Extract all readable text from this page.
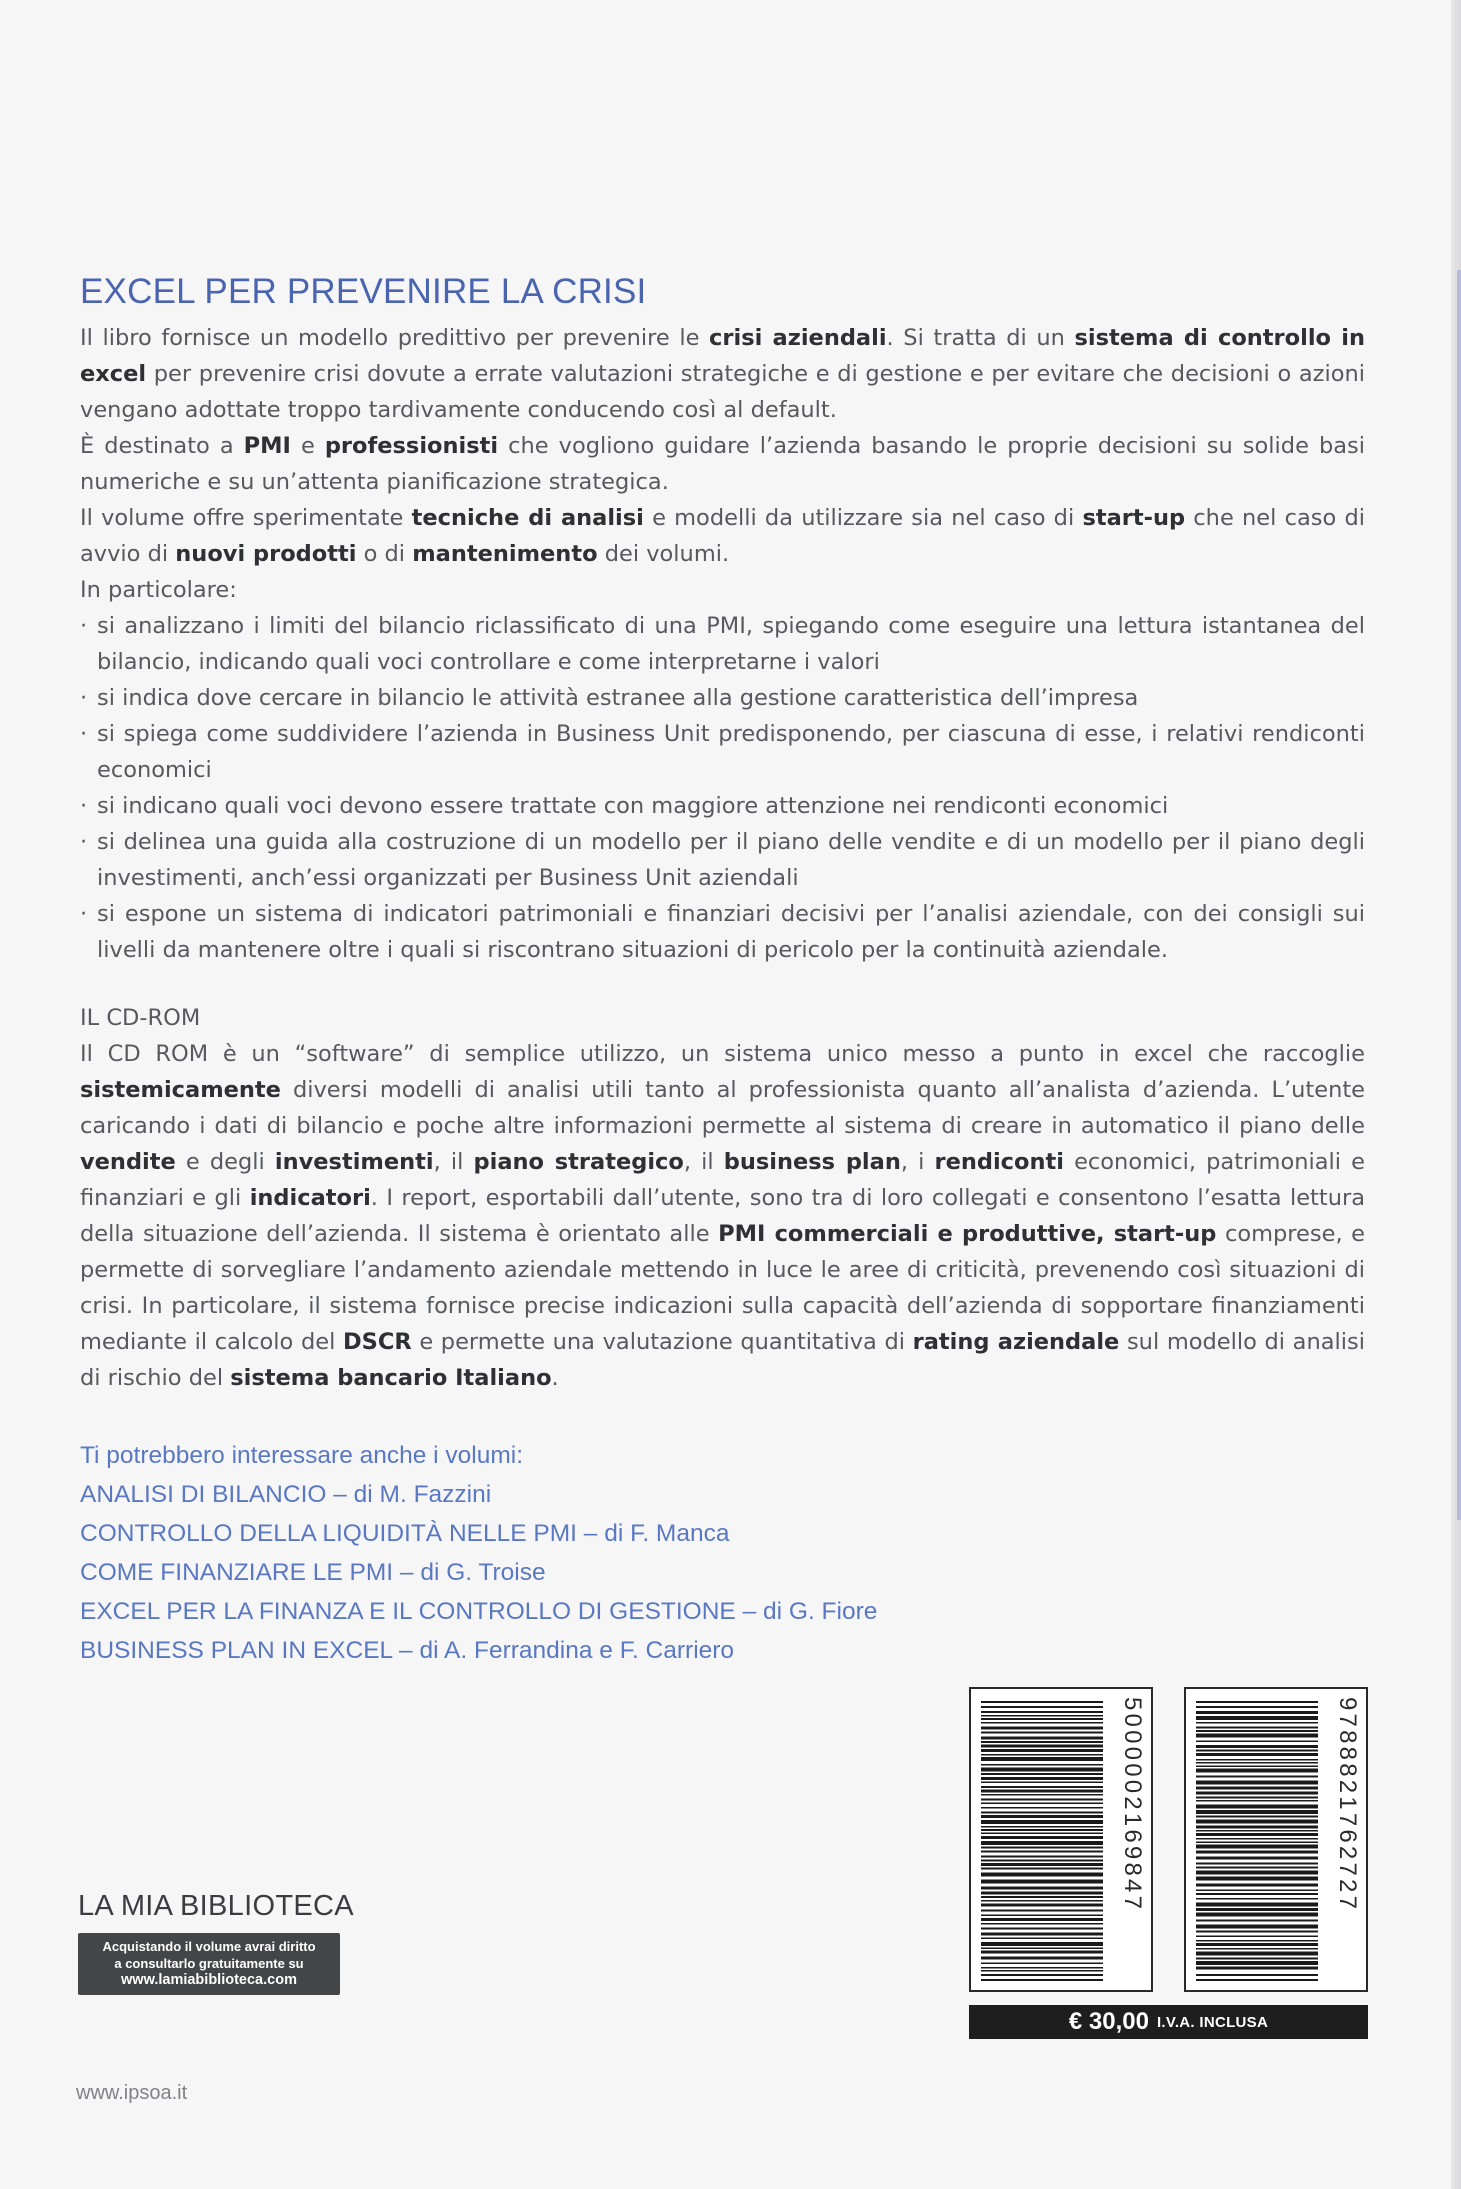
EXCEL PER PREVENIRE LA CRISI

Il libro fornisce un modello predittivo per prevenire le crisi aziendali. Si tratta di un sistema di controllo in excel per prevenire crisi dovute a errate valutazioni strategiche e di gestione e per evitare che decisioni o azioni vengano adottate troppo tardivamente conducendo così al default.

È destinato a PMI e professionisti che vogliono guidare l’azienda basando le proprie decisioni su solide basi numeriche e su un’attenta pianificazione strategica.

Il volume offre sperimentate tecniche di analisi e modelli da utilizzare sia nel caso di start-up che nel caso di avvio di nuovi prodotti o di mantenimento dei volumi.

In particolare:

· si analizzano i limiti del bilancio riclassificato di una PMI, spiegando come eseguire una lettura istantanea del bilancio, indicando quali voci controllare e come interpretarne i valori
· si indica dove cercare in bilancio le attività estranee alla gestione caratteristica dell’impresa
· si spiega come suddividere l’azienda in Business Unit predisponendo, per ciascuna di esse, i relativi rendiconti economici
· si indicano quali voci devono essere trattate con maggiore attenzione nei rendiconti economici
· si delinea una guida alla costruzione di un modello per il piano delle vendite e di un modello per il piano degli investimenti, anch’essi organizzati per Business Unit aziendali
· si espone un sistema di indicatori patrimoniali e finanziari decisivi per l’analisi aziendale, con dei consigli sui livelli da mantenere oltre i quali si riscontrano situazioni di pericolo per la continuità aziendale.
IL CD-ROM

Il CD ROM è un “software” di semplice utilizzo, un sistema unico messo a punto in excel che raccoglie sistemicamente diversi modelli di analisi utili tanto al professionista quanto all’analista d’azienda. L’utente caricando i dati di bilancio e poche altre informazioni permette al sistema di creare in automatico il piano delle vendite e degli investimenti, il piano strategico, il business plan, i rendiconti economici, patrimoniali e finanziari e gli indicatori. I report, esportabili dall’utente, sono tra di loro collegati e consentono l’esatta lettura della situazione dell’azienda. Il sistema è orientato alle PMI commerciali e produttive, start-up comprese, e permette di sorvegliare l’andamento aziendale mettendo in luce le aree di criticità, prevenendo così situazioni di crisi. In particolare, il sistema fornisce precise indicazioni sulla capacità dell’azienda di sopportare finanziamenti mediante il calcolo del DSCR e permette una valutazione quantitativa di rating aziendale sul modello di analisi di rischio del sistema bancario Italiano.

Ti potrebbero interessare anche i volumi:
ANALISI DI BILANCIO – di M. Fazzini
CONTROLLO DELLA LIQUIDITÀ NELLE PMI – di F. Manca
COME FINANZIARE LE PMI – di G. Troise
EXCEL PER LA FINANZA E IL CONTROLLO DI GESTIONE – di G. Fiore
BUSINESS PLAN IN EXCEL – di A. Ferrandina e F. Carriero
LA MIA BIBLIOTECA
Acquistando il volume avrai diritto
a consultarlo gratuitamente su
www.lamiabiblioteca.com
5000002169847	9788821762727
€ 30,00 I.V.A. INCLUSA
www.ipsoa.it
